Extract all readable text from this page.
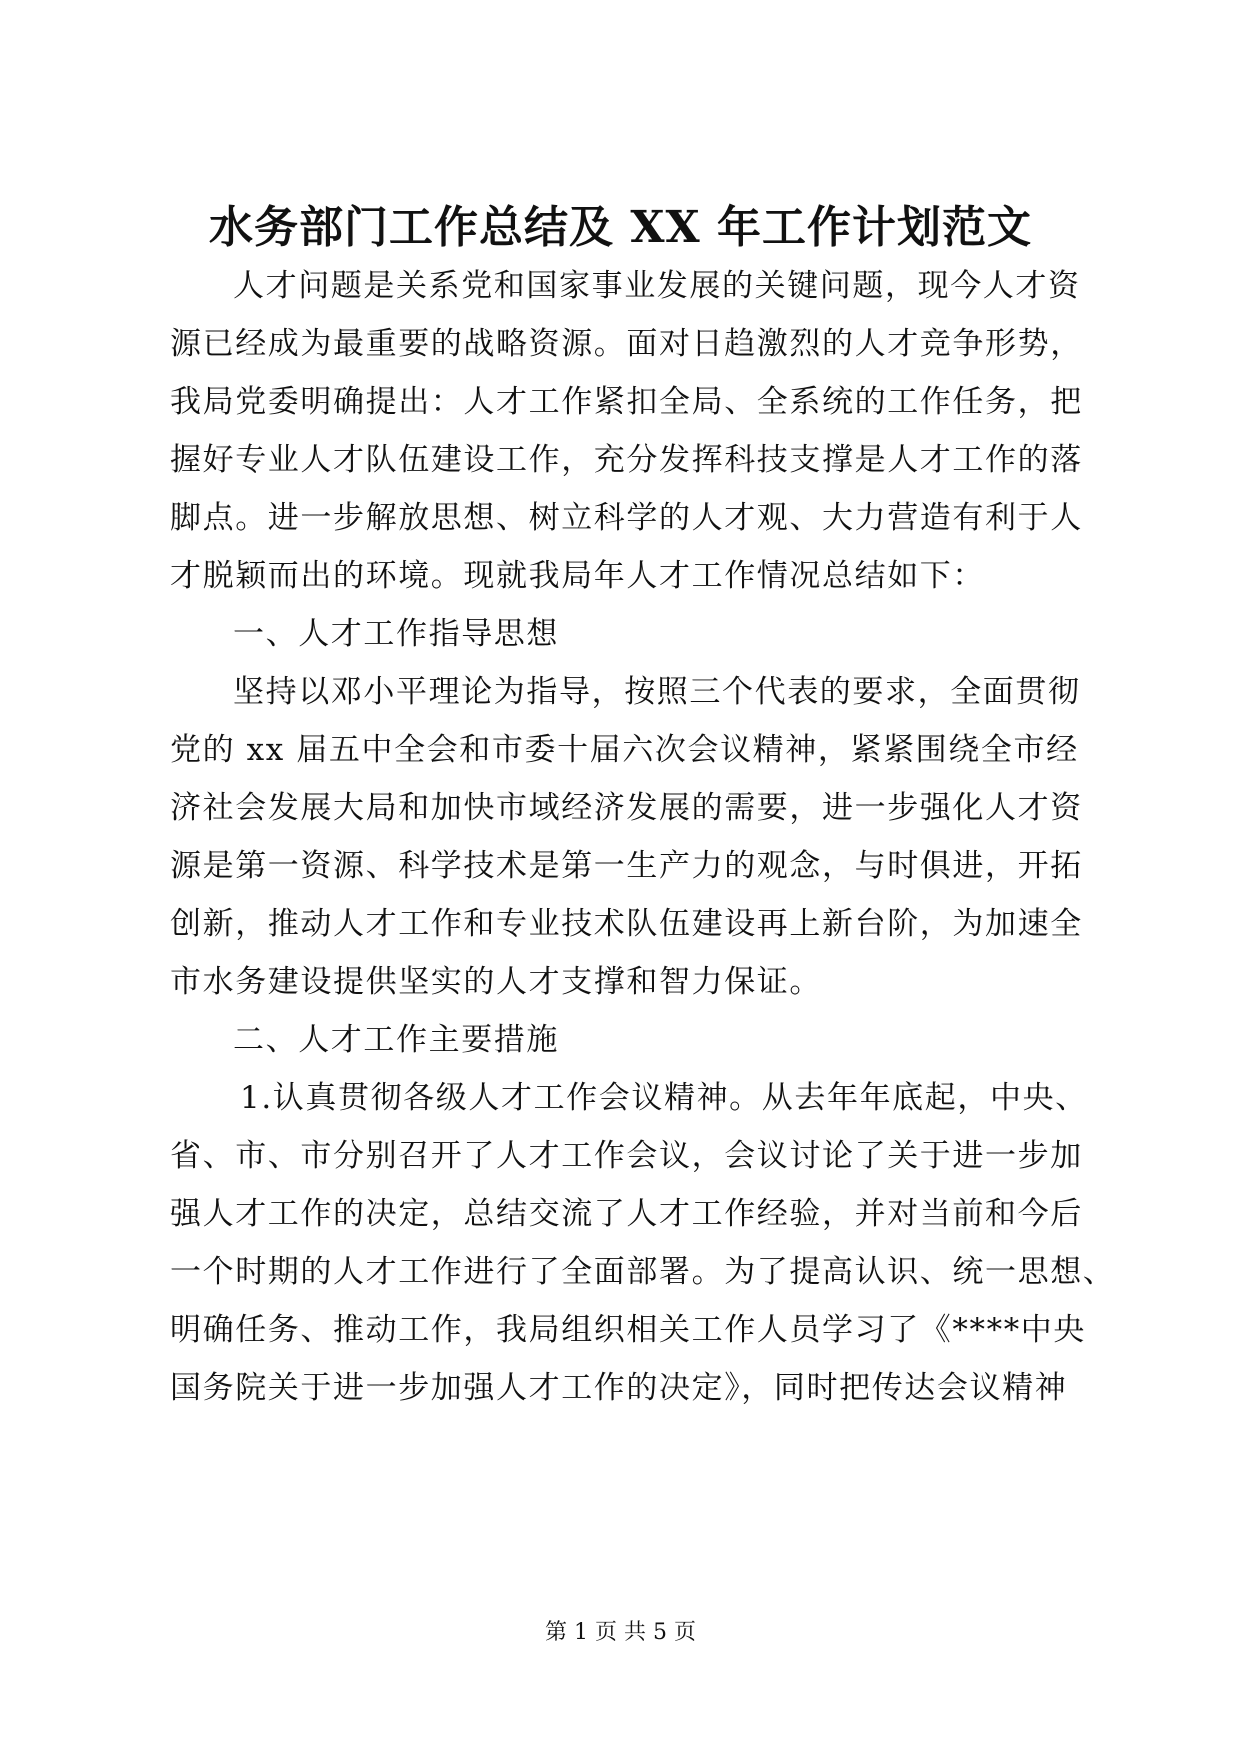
水务部门工作总结及 XX 年工作计划范文
人才问题是关系党和国家事业发展的关键问题，现今人才资
源已经成为最重要的战略资源。面对日趋激烈的人才竞争形势，
我局党委明确提出：人才工作紧扣全局、全系统的工作任务，把
握好专业人才队伍建设工作，充分发挥科技支撑是人才工作的落
脚点。进一步解放思想、树立科学的人才观、大力营造有利于人
才脱颖而出的环境。现就我局年人才工作情况总结如下：
一、人才工作指导思想
坚持以邓小平理论为指导，按照三个代表的要求，全面贯彻
党的 xx 届五中全会和市委十届六次会议精神，紧紧围绕全市经
济社会发展大局和加快市域经济发展的需要，进一步强化人才资
源是第一资源、科学技术是第一生产力的观念，与时俱进，开拓
创新，推动人才工作和专业技术队伍建设再上新台阶，为加速全
市水务建设提供坚实的人才支撑和智力保证。
二、人才工作主要措施
1.认真贯彻各级人才工作会议精神。从去年年底起，中央、
省、市、市分别召开了人才工作会议，会议讨论了关于进一步加
强人才工作的决定，总结交流了人才工作经验，并对当前和今后
一个时期的人才工作进行了全面部署。为了提高认识、统一思想、
明确任务、推动工作，我局组织相关工作人员学习了《****中央
国务院关于进一步加强人才工作的决定》，同时把传达会议精神
第 1 页 共 5 页
